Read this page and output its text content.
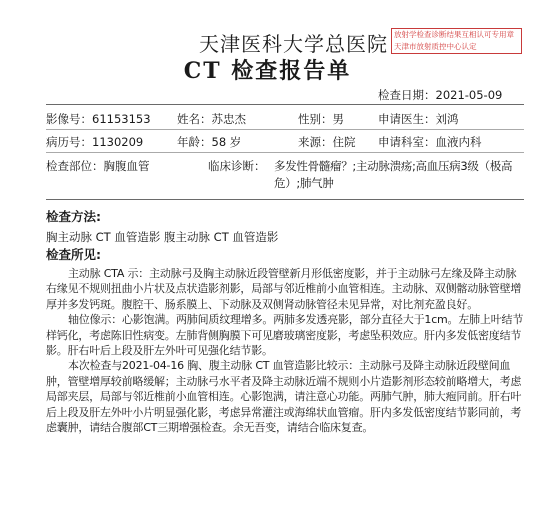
天津医科大学总医院
CT 检查报告单
放射学检查诊断结果互相认可专用章
天津市放射质控中心认定
检查日期：2021-05-09
影像号：61153153 姓名：苏忠杰	性别：男	申请医生：刘鸿
病历号：1130209	年龄：58 岁	来源：住院 申请科室：血液内科
检查部位：胸腹血管	临床诊断： 多发性骨髓瘤？;主动脉溃疡;高血压病3级（极高危）;肺气肿
检查方法:
胸主动脉 CT 血管造影 腹主动脉 CT 血管造影
检查所见:

主动脉 CTA 示：主动脉弓及胸主动脉近段管壁新月形低密度影，并于主动脉弓左缘及降主动脉右缘见不规则扭曲小片状及点状造影剂影，局部与邻近椎前小血管相连。主动脉、双侧髂动脉管壁增厚并多发钙斑。腹腔干、肠系膜上、下动脉及双侧肾动脉管径未见异常，对比剂充盈良好。

轴位像示：心影饱满。两肺间质纹理增多。两肺多发透亮影，部分直径大于1cm。左肺上叶结节样钙化，考虑陈旧性病变。左肺背侧胸膜下可见磨玻璃密度影，考虑坠积效应。肝内多发低密度结节影。肝右叶后上段及肝左外叶可见强化结节影。

本次检查与2021-04-16 胸、腹主动脉 CT 血管造影比较示：主动脉弓及降主动脉近段壁间血肿，管壁增厚较前略缓解；主动脉弓水平者及降主动脉近端不规则小片造影剂形态较前略增大，考虑局部夹层，局部与邻近椎前小血管相连。心影饱满，请注意心功能。两肺气肿，肺大疱同前。肝右叶后上段及肝左外叶小片明显强化影，考虑异常灌注或海绵状血管瘤。肝内多发低密度结节影同前，考虑囊肿，请结合腹部CT三期增强检查。余无吾变，请结合临床复查。
